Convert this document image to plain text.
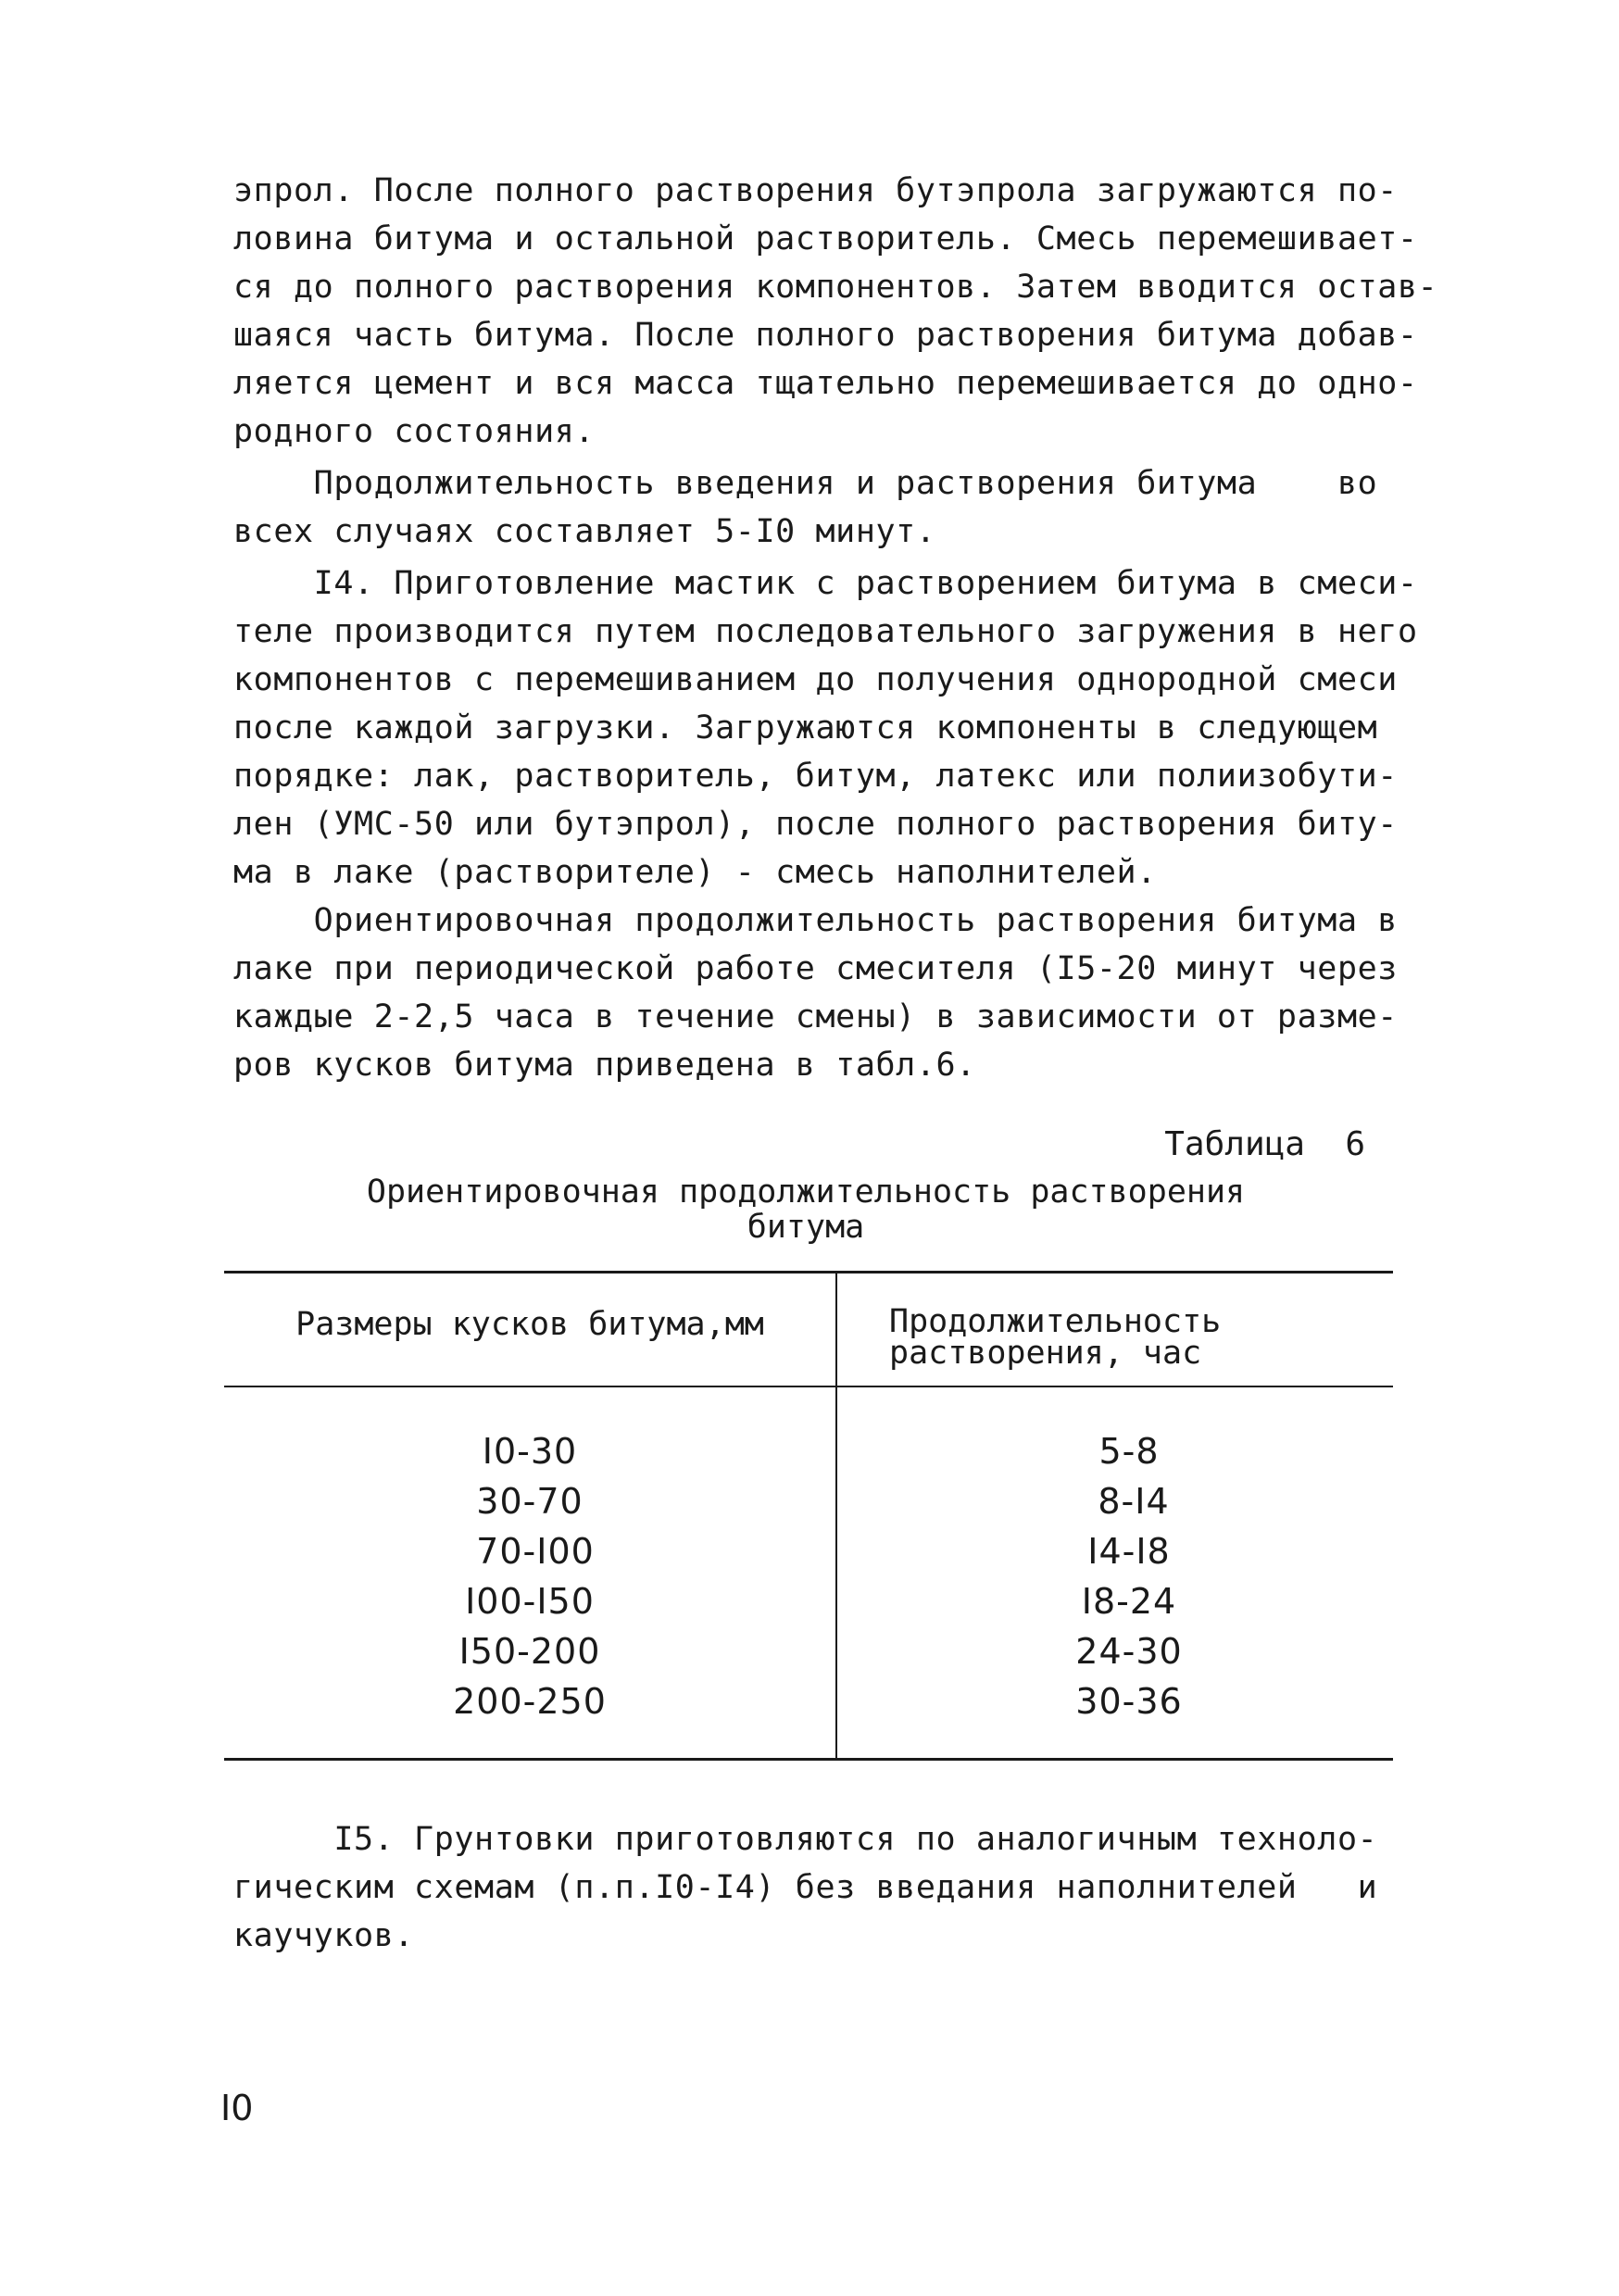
эпрол. После полного растворения бутэпрола загружаются по-
ловина битума и остальной растворитель. Смесь перемешивает-
ся до полного растворения компонентов. Затем вводится остав-
шаяся часть битума. После полного растворения битума добав-
ляется цемент и вся масса тщательно перемешивается до одно-
родного состояния.
Продолжительность введения и растворения битума    во
всех случаях составляет 5-I0 минут.
I4. Приготовление мастик с растворением битума в смеси-
теле производится путем последовательного загружения в него
компонентов с перемешиванием до получения однородной смеси
после каждой загрузки. Загружаются компоненты в следующем
порядке: лак, растворитель, битум, латекс или полиизобути-
лен (УМС-50 или бутэпрол), после полного растворения биту-
ма в лаке (растворителе) - смесь наполнителей.
Ориентировочная продолжительность растворения битума в
лаке при периодической работе смесителя (I5-20 минут через
каждые 2-2,5 часа в течение смены) в зависимости от разме-
ров кусков битума приведена в табл.6.
Таблица  6
Ориентировочная продолжительность растворения
битума
Размеры кусков битума,мм	Продолжительность
растворения, час
I0-30
30-70
70-I00
I00-I50
I50-200
200-250
5-8
8-I4
I4-I8
I8-24
24-30
30-36
I5. Грунтовки приготовляются по аналогичным техноло-
гическим схемам (п.п.I0-I4) без введания наполнителей   и
каучуков.
I0
